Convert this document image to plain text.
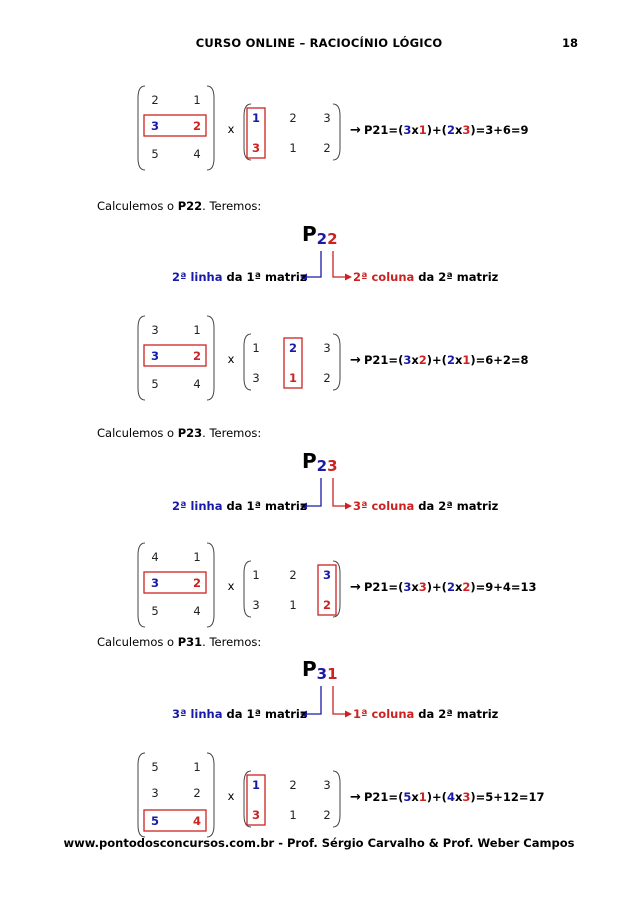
CURSO ONLINE – RACIOCÍNIO LÓGICO	18
2	1
3	2
5	4
x
1	2 3
3	1 2
→ P21=(3x1)+(2x3)=3+6=9
Calculemos o P22. Teremos:
P22
2ª linha da 1ª matriz	2ª coluna da 2ª matriz
3	1
3	2
5	4
x
1	2 3
3	1 2
→ P21=(3x2)+(2x1)=6+2=8
Calculemos o P23. Teremos:
P23
2ª linha da 1ª matriz	3ª coluna da 2ª matriz
4	1
3	2
5	4
x
1	2 3
3	1 2
→ P21=(3x3)+(2x2)=9+4=13
Calculemos o P31. Teremos:
P31
3ª linha da 1ª matriz	1ª coluna da 2ª matriz
5	1
3	2
5	4
x
1	2 3
3	1 2
→ P21=(5x1)+(4x3)=5+12=17
www.pontodosconcursos.com.br - Prof. Sérgio Carvalho & Prof. Weber Campos
